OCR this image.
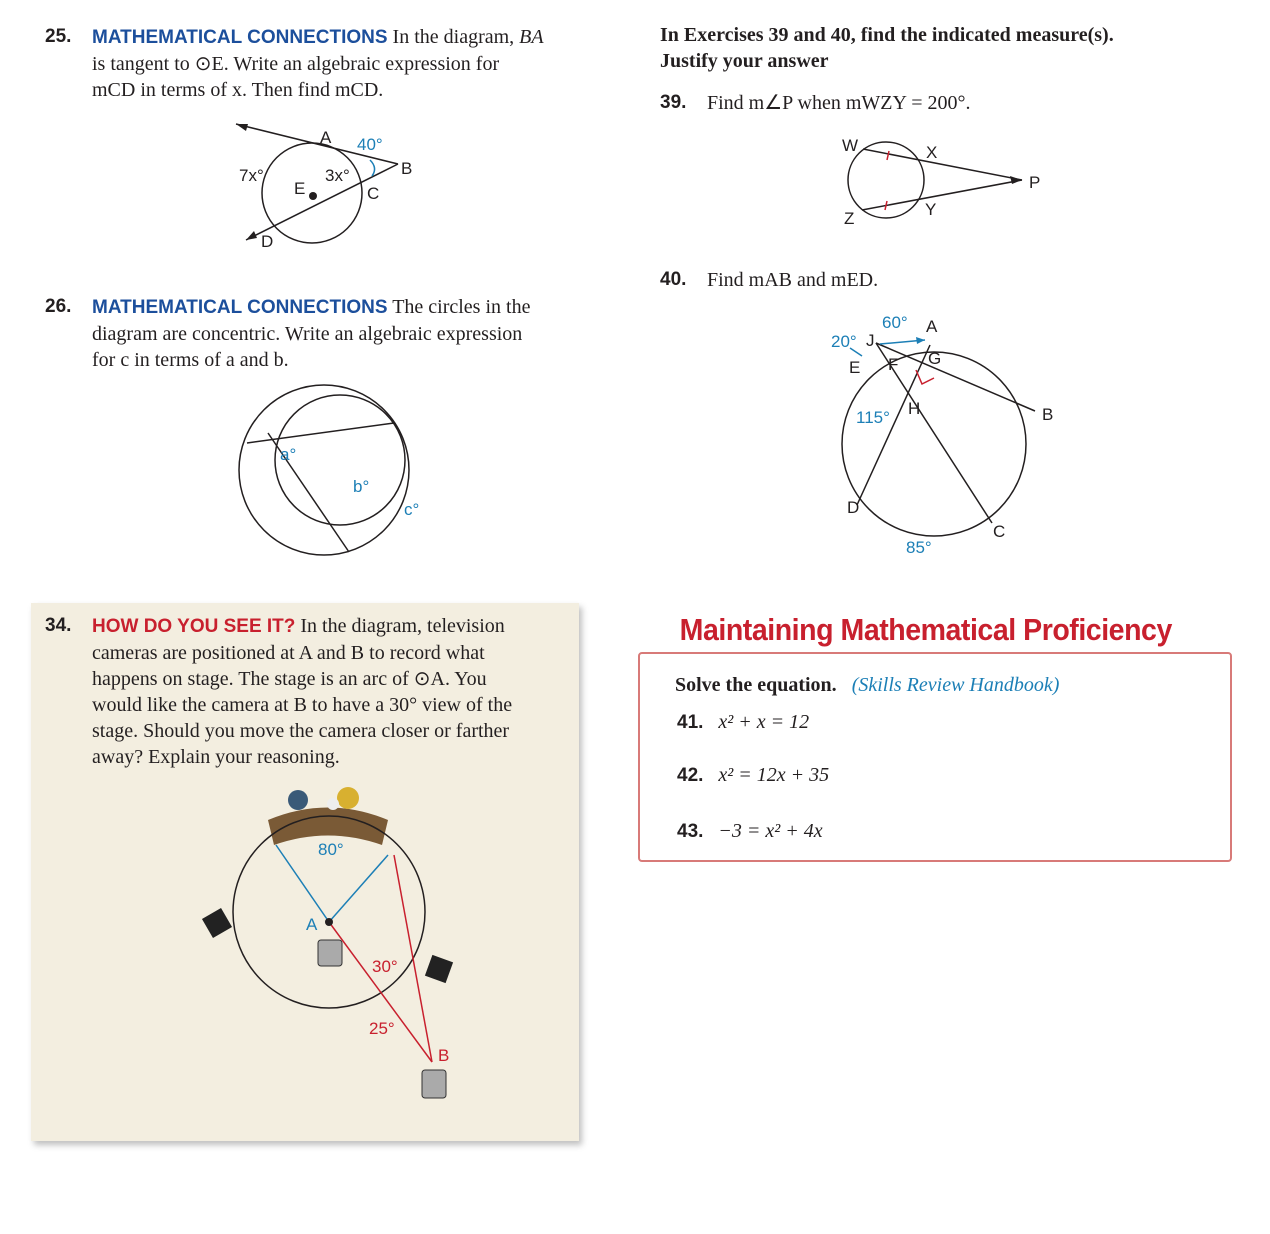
25. MATHEMATICAL CONNECTIONS In the diagram, BA
is tangent to ⊙E. Write an algebraic expression for
mCD in terms of x. Then find mCD.
A 40°
B
C
3x°
7x°
E
D
26. MATHEMATICAL CONNECTIONS The circles in the
diagram are concentric. Write an algebraic expression
for c in terms of a and b.
a°
b°
c°
34. HOW DO YOU SEE IT? In the diagram, television
cameras are positioned at A and B to record what
happens on stage. The stage is an arc of ⊙A. You
would like the camera at B to have a 30° view of the
stage. Should you move the camera closer or farther
away? Explain your reasoning.
80°
A
30°
25°
B
In Exercises 39 and 40, find the indicated measure(s).
Justify your answer
39. Find m∠P when mWZY = 200°.
W	X
P
Y
Z
40. Find mAB and mED.
60° A
20° J
G
E F
H	B
115°
D
C
85°
Maintaining Mathematical Proficiency
Solve the equation. (Skills Review Handbook)
41. x² + x = 12
42. x² = 12x + 35
43. −3 = x² + 4x
